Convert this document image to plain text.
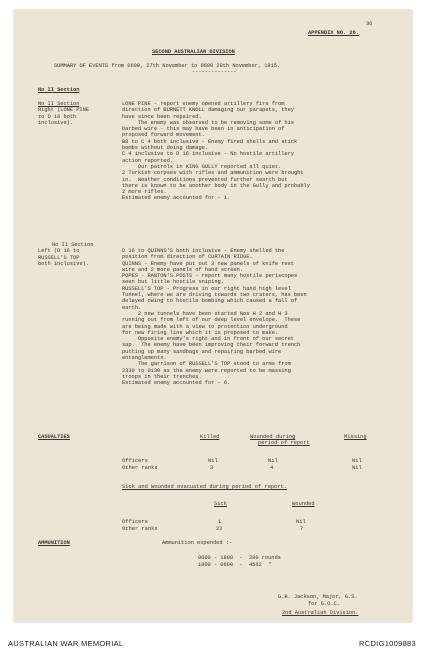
36
APPENDIX NO. 26.
SECOND AUSTRALIAN DIVISION
SUMMARY OF EVENTS from 0600, 27th November to 0600 28th November, 1915.
--------------
No II Section

No II Section

Right (LONE PINE

to D 16 both

inclusive).

LONE PINE - report enemy opened artillery fire from

direction of BURNETT KNOLL damaging our parapets, they

have since been repaired.

The enemy was observed to be removing some of his

barbed wire - this may have been in anticipation of

proposed forward movement.

B8 to C 4 both inclusive - Enemy fired shells and stick

bombs without doing damage.

C 4 inclusive to D 16 inclusive - No hostile artillery

action reported.

Our patrols in KING GULLY reported all quiet.

2 Turkish corpses with rifles and ammunition were brought

in.  Weather conditions prevented further search but

there is known to be another body in the Gully and probably

2 more rifles.

Estimated enemy accounted for - 1.

No II Section

Left (D 16 to

RUSSELL'S TOP

both inclusive).

D 16 to QUINNS'S both inclusive - Enemy shelled the

position from direction of CURTAIN RIDGE.

QUINNS - Enemy have put out 3 new panels of knife rest

wire and 2 more panels of hand screen.

POPES - RANTON'S POSTS - report many hostile periscopes

seen but little hostile sniping.

RUSSELL'S TOP - Progress in our right hand high level

Tunnel, where we are driving towards two craters, has been

delayed owing to hostile bombing which caused a fall of

earth.

2 new tunnels have been started Nos H 2 and H 3

running out from left of our deep level envelope.  These

are being made with a view to protection underground

for new firing line which it is proposed to make.

Opposite enemy's right and in front of our secret

sap.  The enemy have been improving their forward trench

putting up many sandbags and repairing barbed wire

entanglements.

The garrison of RUSSELL'S TOP stood to arms from

2330 to 0130 as the enemy were reported to be massing

troops in their trenches.

Estimated enemy accounted for - 6.

CASUALTIES	Killed	Wounded during
period of report
Missing
Officers	Nil	Nil	Nil
Other ranks	3	4	Nil
Sick and Wounded evacuated during period of report.
Sick	Wounded
Officers	1	Nil
Other ranks	22	7
AMMUNITION	Ammunition expended :-
0600 - 1800  -  280 rounds
1800 - 0600  -  4562  "
G.B. Jackson, Major, G.S.
for G.O.C.
2nd Australian Division.
AUSTRALIAN WAR MEMORIAL	RCDIG1009883
